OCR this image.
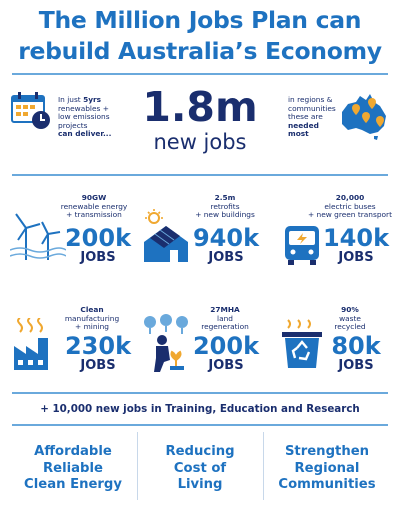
The Million Jobs Plan can
rebuild Australia’s Economy
In just 5yrs
renewables +
low emissions
projects
can deliver...
1.8m
new jobs
in regions &
communities
these are
needed
most
90GW
renewable energy
+ transmission
200k
JOBS
2.5m
retrofits
+ new buildings
940k
JOBS
20,000
electric buses
+ new green transport
140k
JOBS
Clean
manufacturing
+ mining
230k
JOBS
27MHA
land
regeneration
200k
JOBS
90%
waste
recycled
80k
JOBS
+ 10,000 new jobs in Training, Education and Research
Affordable
Reliable
Clean Energy
Reducing
Cost of
Living
Strengthen
Regional
Communities
